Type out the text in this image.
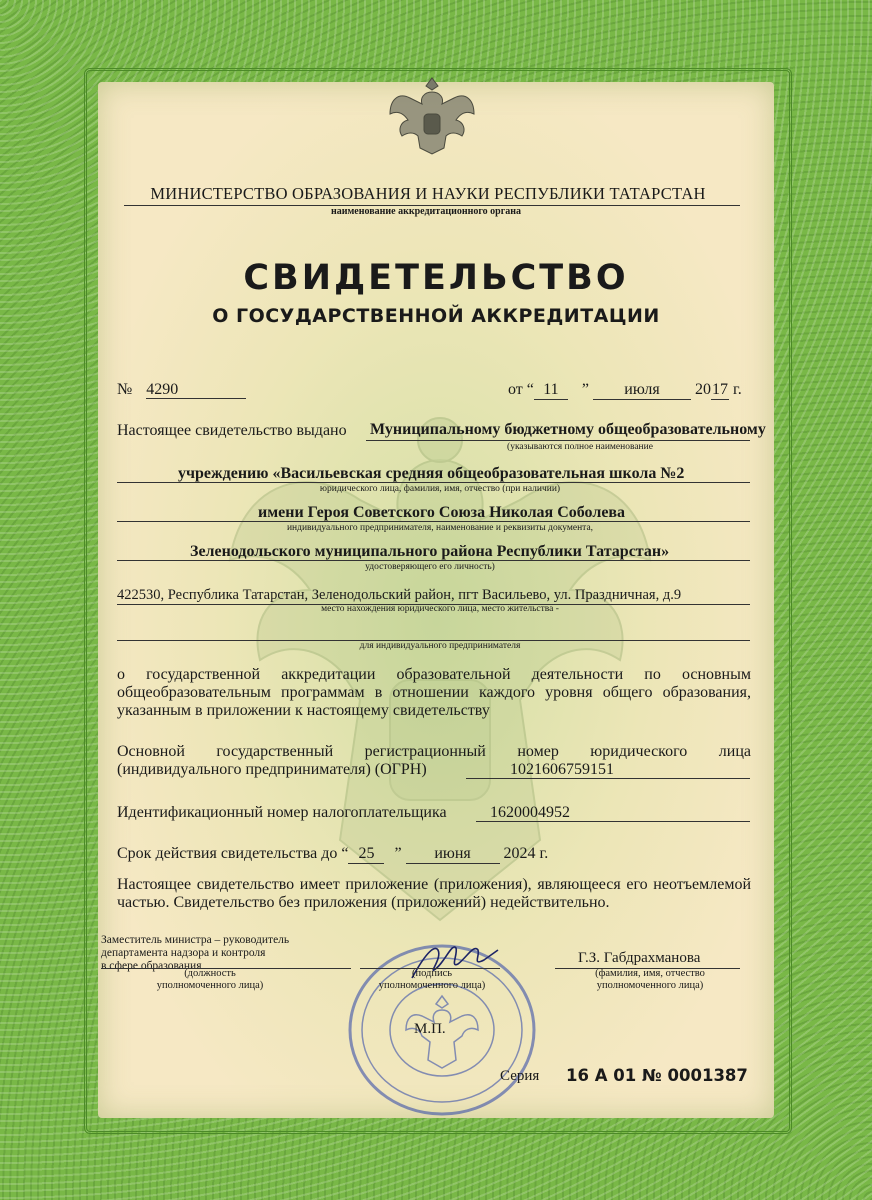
МИНИСТЕРСТВО ОБРАЗОВАНИЯ И НАУКИ РЕСПУБЛИКИ ТАТАРСТАН
наименование аккредитационного органа
СВИДЕТЕЛЬСТВО
О ГОСУДАРСТВЕННОЙ АККРЕДИТАЦИИ
№ 4290	от “ 11 ” июля 2017 г.
Настоящее свидетельство выдано Муниципальному бюджетному общеобразовательному
(указываются полное наименование
учреждению «Васильевская средняя общеобразовательная школа №2
юридического лица, фамилия, имя, отчество (при наличии)
имени Героя Советского Союза Николая Соболева
индивидуального предпринимателя, наименование и реквизиты документа,
Зеленодольского муниципального района Республики Татарстан»
удостоверяющего его личность)
422530, Республика Татарстан, Зеленодольский район, пгт Васильево, ул. Праздничная, д.9
место нахождения юридического лица, место жительства -
для индивидуального предпринимателя
о государственной аккредитации образовательной деятельности по основным общеобразовательным программам в отношении каждого уровня общего образования, указанным в приложении к настоящему свидетельству
Основной государственный регистрационный номер юридического лица
(индивидуального предпринимателя) (ОГРН)	1021606759151
Идентификационный номер налогоплательщика	1620004952
Срок действия свидетельства до “ 25 ” июня 2024 г.
Настоящее свидетельство имеет приложение (приложения), являющееся его неотъемлемой частью. Свидетельство без приложения (приложений) недействительно.
Заместитель министра – руководитель
департамента надзора и контроля
в сфере образования
(должность
уполномоченного лица)
(подпись
уполномоченного лица)
Г.З. Габдрахманова
(фамилия, имя, отчество
уполномоченного лица)
М.П.
Серия 16 А 01 № 0001387
